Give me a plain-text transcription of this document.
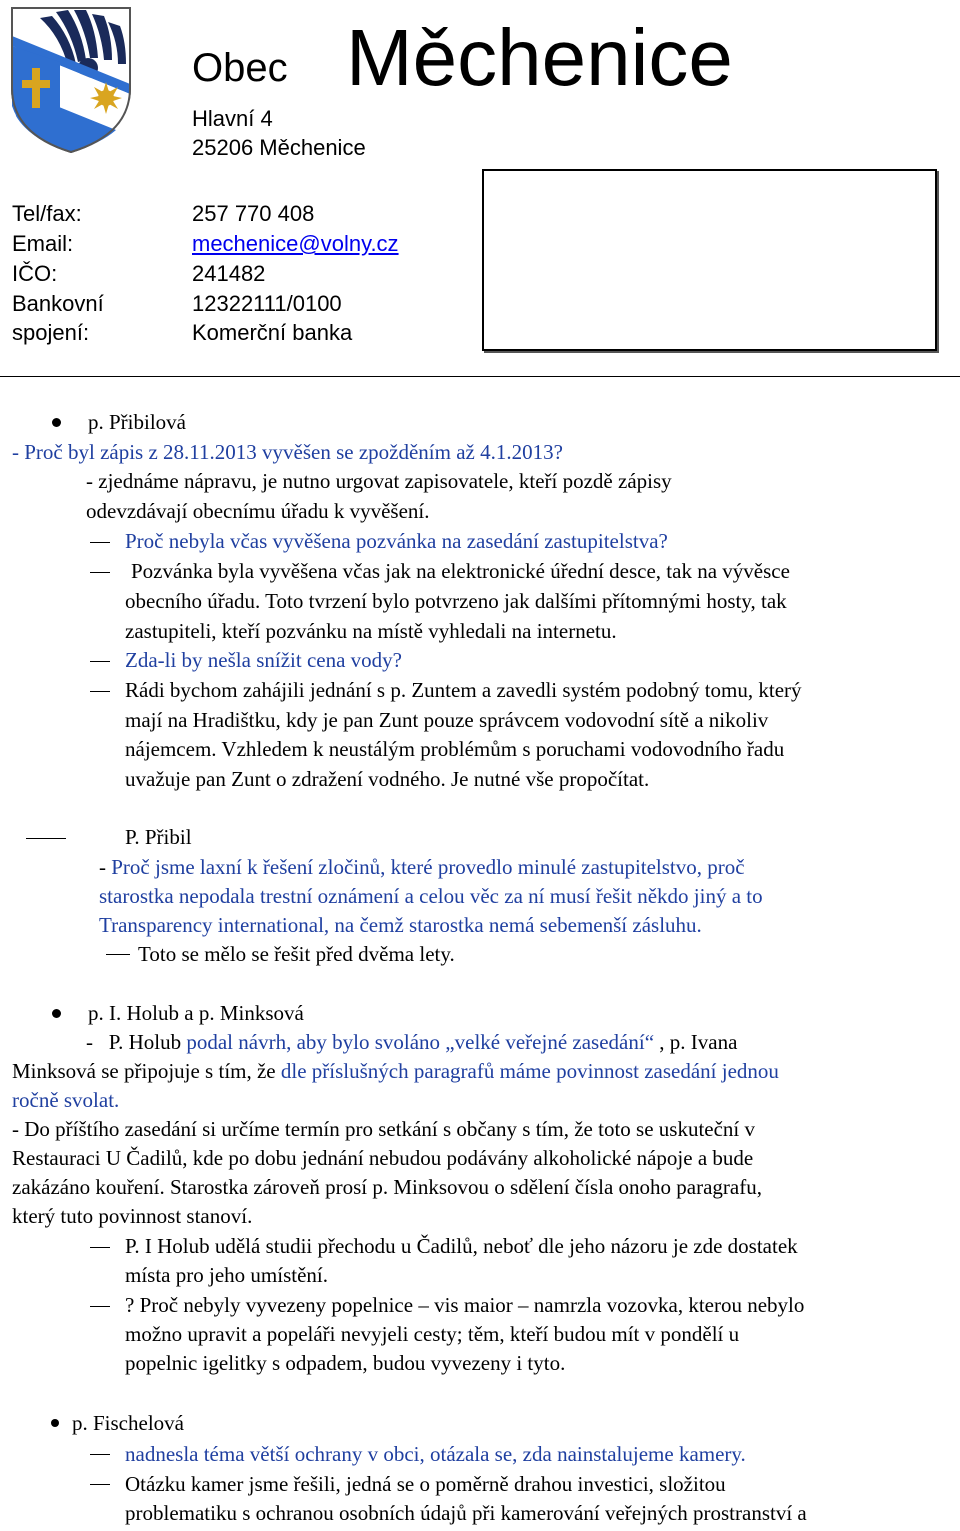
Obec Měchenice
Hlavní 4
25206 Měchenice
Tel/fax:	257 770 408
Email:	mechenice@volny.cz
IČO:	241482
Bankovní	12322111/0100
spojení:	Komerční banka
p. Přibilová
- Proč byl zápis z 28.11.2013 vyvěšen se zpožděním až 4.1.2013?
- zjednáme nápravu, je nutno urgovat zapisovatele, kteří pozdě zápisy
odevzdávají obecnímu úřadu k vyvěšení.
Proč nebyla včas vyvěšena pozvánka na zasedání zastupitelstva?
Pozvánka byla vyvěšena včas jak na elektronické úřední desce, tak na vývěsce
obecního úřadu. Toto tvrzení bylo potvrzeno jak dalšími přítomnými hosty, tak
zastupiteli, kteří pozvánku na místě vyhledali na internetu.
Zda-li by nešla snížit cena vody?
Rádi bychom zahájili jednání s p. Zuntem a zavedli systém podobný tomu, který
mají na Hradištku, kdy je pan Zunt pouze správcem vodovodní sítě a nikoliv
nájemcem. Vzhledem k neustálým problémům s poruchami vodovodního řadu
uvažuje pan Zunt o zdražení vodného. Je nutné vše propočítat.
P. Přibil
- Proč jsme laxní k řešení zločinů, které provedlo minulé zastupitelstvo, proč
starostka nepodala trestní oznámení a celou věc za ní musí řešit někdo jiný a to
Transparency international, na čemž starostka nemá sebemenší zásluhu.
Toto se mělo se řešit před dvěma lety.
p. I. Holub a p. Minksová
-   P. Holub podal návrh, aby bylo svoláno „velké veřejné zasedání“ , p. Ivana
Minksová se připojuje s tím, že dle příslušných paragrafů máme povinnost zasedání jednou
ročně svolat.
- Do příštího zasedání si určíme termín pro setkání s občany s tím, že toto se uskuteční v
Restauraci U Čadilů, kde po dobu jednání nebudou podávány alkoholické nápoje a bude
zakázáno kouření. Starostka zároveň prosí p. Minksovou o sdělení čísla onoho paragrafu,
který tuto povinnost stanoví.
P. I Holub udělá studii přechodu u Čadilů, neboť dle jeho názoru je zde dostatek
místa pro jeho umístění.
? Proč nebyly vyvezeny popelnice – vis maior – namrzla vozovka, kterou nebylo
možno upravit a popeláři nevyjeli cesty; těm, kteří budou mít v pondělí u
popelnic igelitky s odpadem, budou vyvezeny i tyto.
p. Fischelová
nadnesla téma větší ochrany v obci, otázala se, zda nainstalujeme kamery.
Otázku kamer jsme řešili, jedná se o poměrně drahou investici, složitou
problematiku s ochranou osobních údajů při kamerování veřejných prostranství a
